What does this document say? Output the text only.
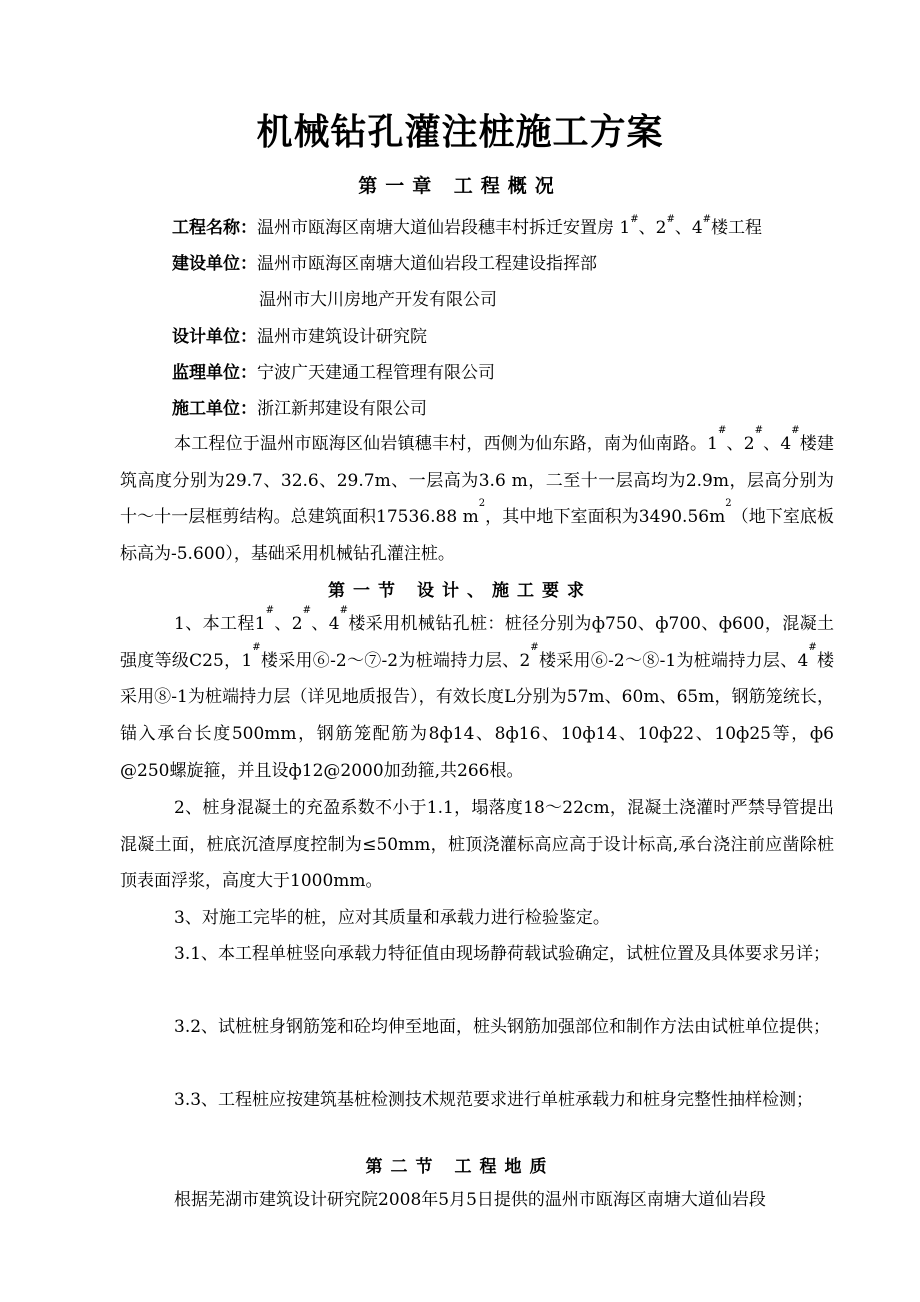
机械钻孔灌注桩施工方案
第一章 工程概况
工程名称：温州市瓯海区南塘大道仙岩段穗丰村拆迁安置房 1#、2#、4#楼工程
建设单位：温州市瓯海区南塘大道仙岩段工程建设指挥部
温州市大川房地产开发有限公司
设计单位：温州市建筑设计研究院
监理单位：宁波广天建通工程管理有限公司
施工单位：浙江新邦建设有限公司
本工程位于温州市瓯海区仙岩镇穗丰村，西侧为仙东路，南为仙南路。1#、2#、4#楼建筑高度分别为29.7、32.6、29.7m、一层高为3.6 m，二至十一层高均为2.9m，层高分别为十～十一层框剪结构。总建筑面积17536.88 $m^2$，其中地下室面积为$3490.56m^2$（地下室底板标高为-5.600），基础采用机械钻孔灌注桩。
第一节 设计、施工要求
1、本工程1#、2#、4#楼采用机械钻孔桩：桩径分别为ф750、ф700、ф600，混凝土强度等级C25，1#楼采用⑥-2～⑦-2为桩端持力层、2#楼采用⑥-2～⑧-1为桩端持力层、4#楼采用⑧-1为桩端持力层（详见地质报告），有效长度L分别为57m、60m、65m，钢筋笼统长，锚入承台长度500mm，钢筋笼配筋为8ф14、8ф16、10ф14、10ф22、10ф25等，ф6 @250螺旋箍，并且设ф12@2000加劲箍,共266根。
2、桩身混凝土的充盈系数不小于1.1，塌落度18～22cm，混凝土浇灌时严禁导管提出混凝土面，桩底沉渣厚度控制为≤50mm，桩顶浇灌标高应高于设计标高,承台浇注前应凿除桩顶表面浮浆，高度大于1000mm。
3、对施工完毕的桩，应对其质量和承载力进行检验鉴定。
3.1、本工程单桩竖向承载力特征值由现场静荷载试验确定，试桩位置及具体要求另详；
3.2、试桩桩身钢筋笼和砼均伸至地面，桩头钢筋加强部位和制作方法由试桩单位提供；
3.3、工程桩应按建筑基桩检测技术规范要求进行单桩承载力和桩身完整性抽样检测；
第二节 工程地质
根据芜湖市建筑设计研究院2008年5月5日提供的温州市瓯海区南塘大道仙岩段
